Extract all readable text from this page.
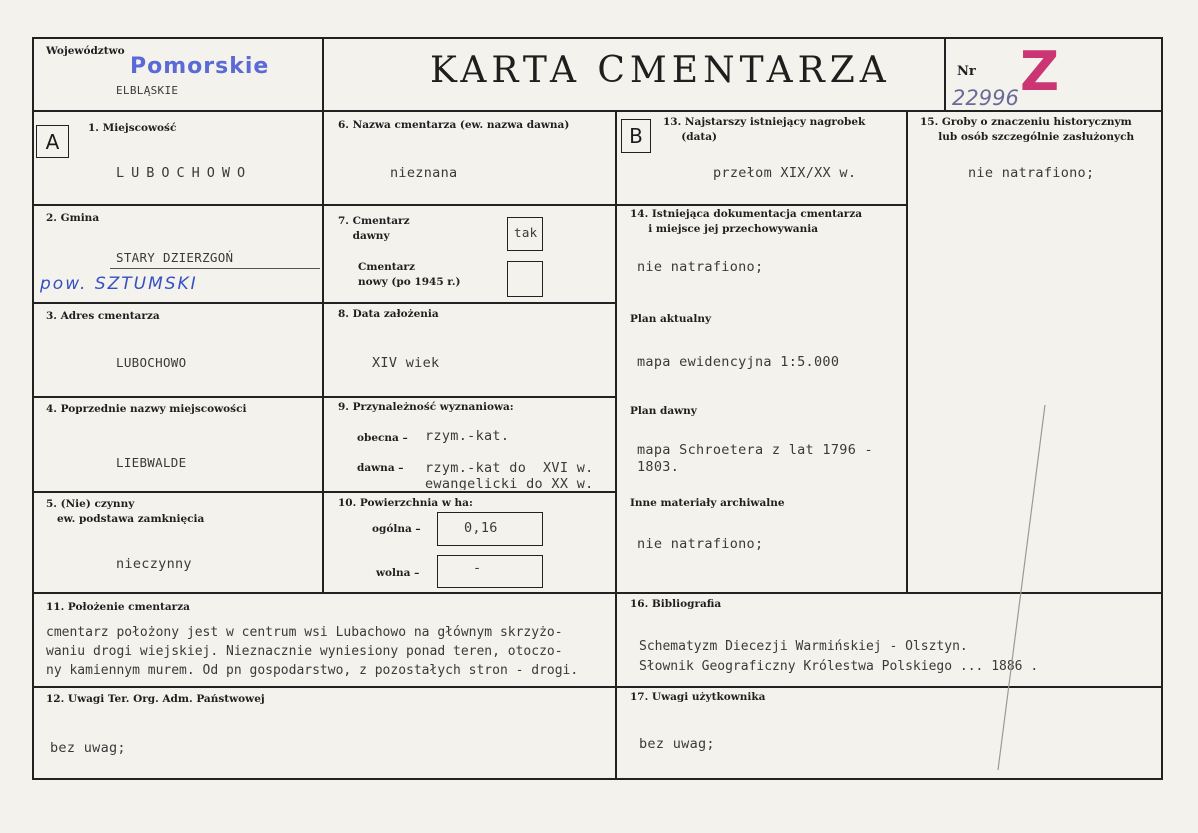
Województwo
Pomorskie
ELBLĄSKIE	KARTA CMENTARZA	Nr Z
22996
A
1. Miejscowość
LUBOCHOWO
2. Gmina
STARY DZIERZGOŃ
pow. SZTUMSKI
3. Adres cmentarza
LUBOCHOWO
4. Poprzednie nazwy miejscowości
LIEBWALDE
5. (Nie) czynny
ew. podstawa zamknięcia
nieczynny
6. Nazwa cmentarza (ew. nazwa dawna)
nieznana
7. Cmentarz
dawny	tak
Cmentarz
nowy (po 1945 r.)
8. Data założenia
XIV wiek
9. Przynależność wyznaniowa:
obecna – rzym.-kat.
dawna – rzym.-kat do  XVI w.
ewangelicki do XX w.
10. Powierzchnia w ha:
ogólna –	0,16
wolna –	-
B
13. Najstarszy istniejący nagrobek
(data)
przełom XIX/XX w.
14. Istniejąca dokumentacja cmentarza
i miejsce jej przechowywania
nie natrafiono;
Plan aktualny
mapa ewidencyjna 1:5.000
Plan dawny
mapa Schroetera z lat 1796 -
1803.
Inne materiały archiwalne
nie natrafiono;
15. Groby o znaczeniu historycznym
lub osób szczególnie zasłużonych
nie natrafiono;
11. Położenie cmentarza
cmentarz położony jest w centrum wsi Lubachowo na głównym skrzyżo-
waniu drogi wiejskiej. Nieznacznie wyniesiony ponad teren, otoczo-
ny kamiennym murem. Od pn gospodarstwo, z pozostałych stron - drogi.
12. Uwagi Ter. Org. Adm. Państwowej
bez uwag;
16. Bibliografia
Schematyzm Diecezji Warmińskiej - Olsztyn.
Słownik Geograficzny Królestwa Polskiego ... 1886 .
17. Uwagi użytkownika
bez uwag;
